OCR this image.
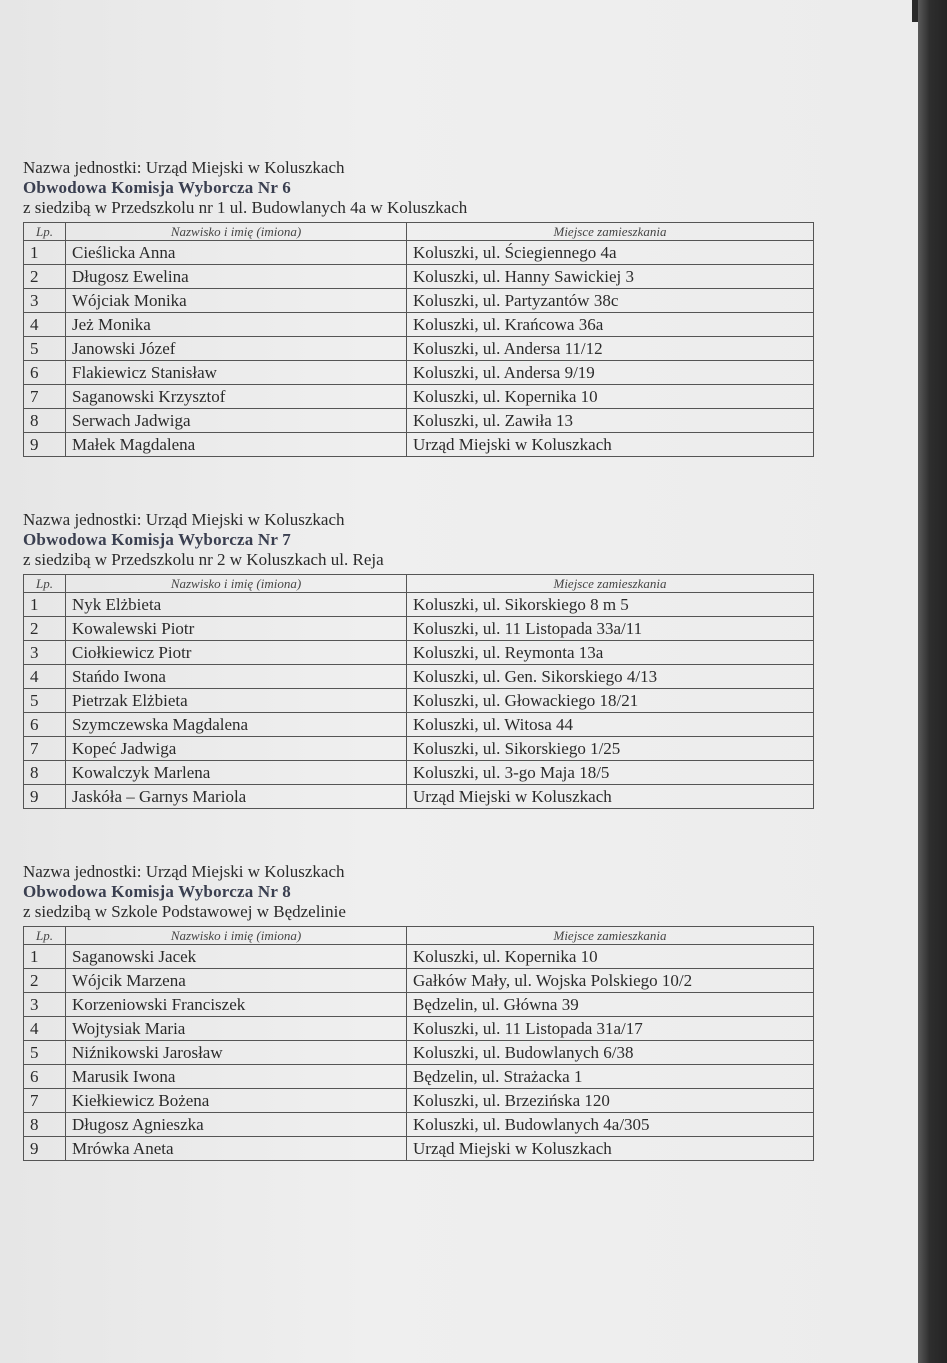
Nazwa jednostki: Urząd Miejski w Koluszkach
Obwodowa Komisja Wyborcza Nr 6
z siedzibą w Przedszkolu nr 1 ul. Budowlanych 4a w Koluszkach
Lp.	Nazwisko i imię (imiona)	Miejsce zamieszkania
1	Cieślicka Anna	Koluszki, ul. Ściegiennego 4a
2	Długosz Ewelina	Koluszki, ul. Hanny Sawickiej 3
3	Wójciak Monika	Koluszki, ul. Partyzantów 38c
4	Jeż Monika	Koluszki, ul. Krańcowa 36a
5	Janowski Józef	Koluszki, ul. Andersa 11/12
6	Flakiewicz Stanisław	Koluszki, ul. Andersa 9/19
7	Saganowski Krzysztof	Koluszki, ul. Kopernika 10
8	Serwach Jadwiga	Koluszki, ul. Zawiła 13
9	Małek Magdalena	Urząd Miejski w Koluszkach
Nazwa jednostki: Urząd Miejski w Koluszkach
Obwodowa Komisja Wyborcza Nr 7
z siedzibą w Przedszkolu nr 2 w Koluszkach ul. Reja
Lp.	Nazwisko i imię (imiona)	Miejsce zamieszkania
1	Nyk Elżbieta	Koluszki, ul. Sikorskiego 8 m 5
2	Kowalewski Piotr	Koluszki, ul. 11 Listopada 33a/11
3	Ciołkiewicz Piotr	Koluszki, ul. Reymonta 13a
4	Stańdo Iwona	Koluszki, ul. Gen. Sikorskiego 4/13
5	Pietrzak Elżbieta	Koluszki, ul. Głowackiego 18/21
6	Szymczewska Magdalena	Koluszki, ul. Witosa 44
7	Kopeć Jadwiga	Koluszki, ul. Sikorskiego 1/25
8	Kowalczyk Marlena	Koluszki, ul. 3-go Maja 18/5
9	Jaskóła – Garnys Mariola	Urząd Miejski w Koluszkach
Nazwa jednostki: Urząd Miejski w Koluszkach
Obwodowa Komisja Wyborcza Nr 8
z siedzibą w Szkole Podstawowej w Będzelinie
Lp.	Nazwisko i imię (imiona)	Miejsce zamieszkania
1	Saganowski Jacek	Koluszki, ul. Kopernika 10
2	Wójcik Marzena	Gałków Mały, ul. Wojska Polskiego 10/2
3	Korzeniowski Franciszek	Będzelin, ul. Główna 39
4	Wojtysiak Maria	Koluszki, ul. 11 Listopada 31a/17
5	Niźnikowski Jarosław	Koluszki, ul. Budowlanych 6/38
6	Marusik Iwona	Będzelin, ul. Strażacka 1
7	Kiełkiewicz Bożena	Koluszki, ul. Brzezińska 120
8	Długosz Agnieszka	Koluszki, ul. Budowlanych 4a/305
9	Mrówka Aneta	Urząd Miejski w Koluszkach
